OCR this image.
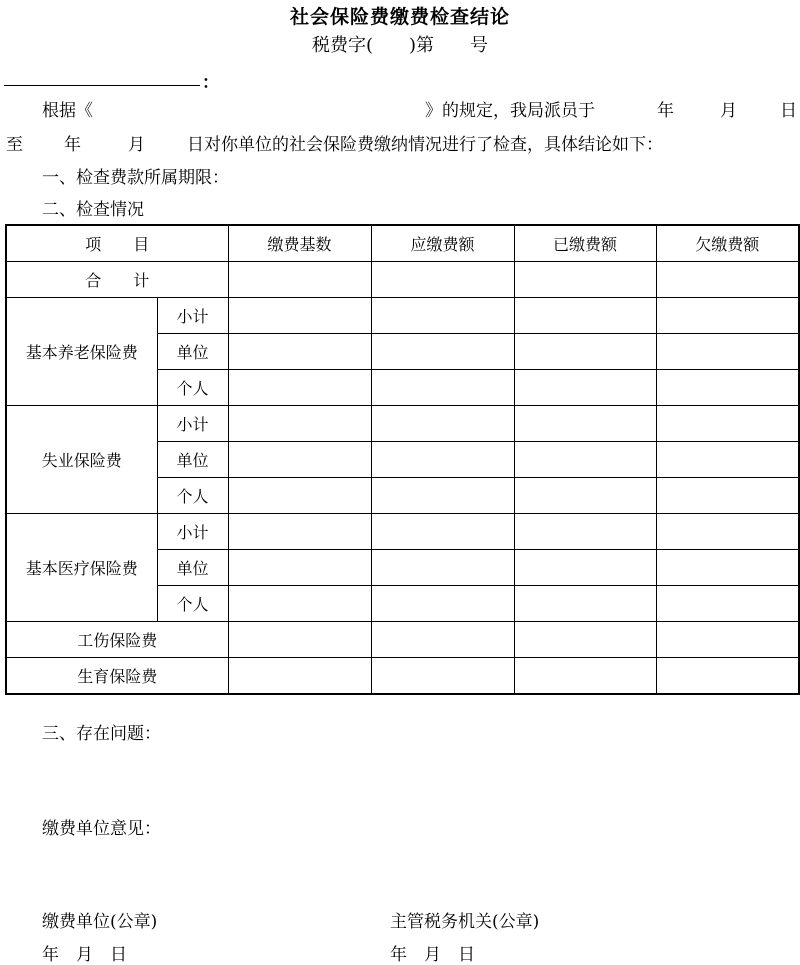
社会保险费缴费检查结论
税费字(　　)第　　号
：
根据《	》的规定，我局派员于	年	月	日
至 年	月 日对你单位的社会保险费缴纳情况进行了检查，具体结论如下：
一、检查费款所属期限：
二、检查情况
项　　目		缴费基数	应缴费额	已缴费额	欠缴费额
合　　计					
基本养老保险费	小计				
	单位				
	个人				
失业保险费	小计				
	单位				
	个人				
基本医疗保险费	小计				
	单位				
	个人				
工伤保险费					
生育保险费					
三、存在问题：
缴费单位意见：
缴费单位(公章)	主管税务机关(公章)
年　月　日	年　月　日
